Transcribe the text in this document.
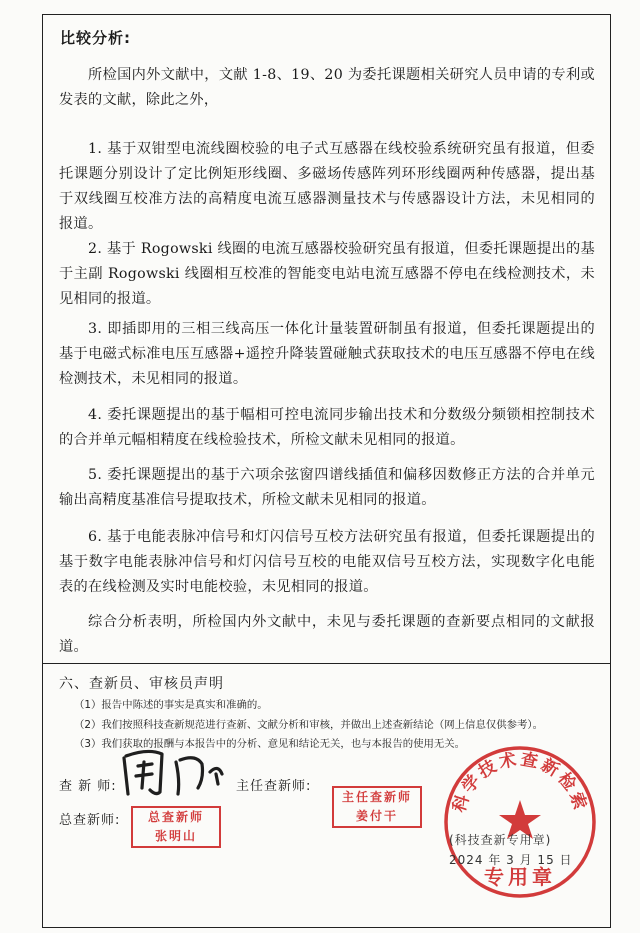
比较分析:
所检国内外文献中，文献 1-8、19、20 为委托课题相关研究人员申请的专利或发表的文献，除此之外，
1. 基于双钳型电流线圈校验的电子式互感器在线校验系统研究虽有报道，但委托课题分别设计了定比例矩形线圈、多磁场传感阵列环形线圈两种传感器，提出基于双线圈互校准方法的高精度电流互感器测量技术与传感器设计方法，未见相同的报道。
2. 基于 Rogowski 线圈的电流互感器校验研究虽有报道，但委托课题提出的基于主副 Rogowski 线圈相互校准的智能变电站电流互感器不停电在线检测技术，未见相同的报道。
3. 即插即用的三相三线高压一体化计量装置研制虽有报道，但委托课题提出的基于电磁式标准电压互感器+遥控升降装置碰触式获取技术的电压互感器不停电在线检测技术，未见相同的报道。
4. 委托课题提出的基于幅相可控电流同步输出技术和分数级分频锁相控制技术的合并单元幅相精度在线检验技术，所检文献未见相同的报道。
5. 委托课题提出的基于六项余弦窗四谱线插值和偏移因数修正方法的合并单元输出高精度基准信号提取技术，所检文献未见相同的报道。
6. 基于电能表脉冲信号和灯闪信号互校方法研究虽有报道，但委托课题提出的基于数字电能表脉冲信号和灯闪信号互校的电能双信号互校方法，实现数字化电能表的在线检测及实时电能校验，未见相同的报道。
综合分析表明，所检国内外文献中，未见与委托课题的查新要点相同的文献报道。
六、查新员、审核员声明
（1）报告中陈述的事实是真实和准确的。
（2）我们按照科技查新规范进行查新、文献分析和审核，并做出上述查新结论（网上信息仅供参考）。
（3）我们获取的报酬与本报告中的分析、意见和结论无关，也与本报告的使用无关。
查 新 师:	主任查新师:
总查新师:	总查新师
张明山
主任查新师
姜付干
科学技术查新检索
专用章
(科技查新专用章)
2024 年 3 月 15 日
